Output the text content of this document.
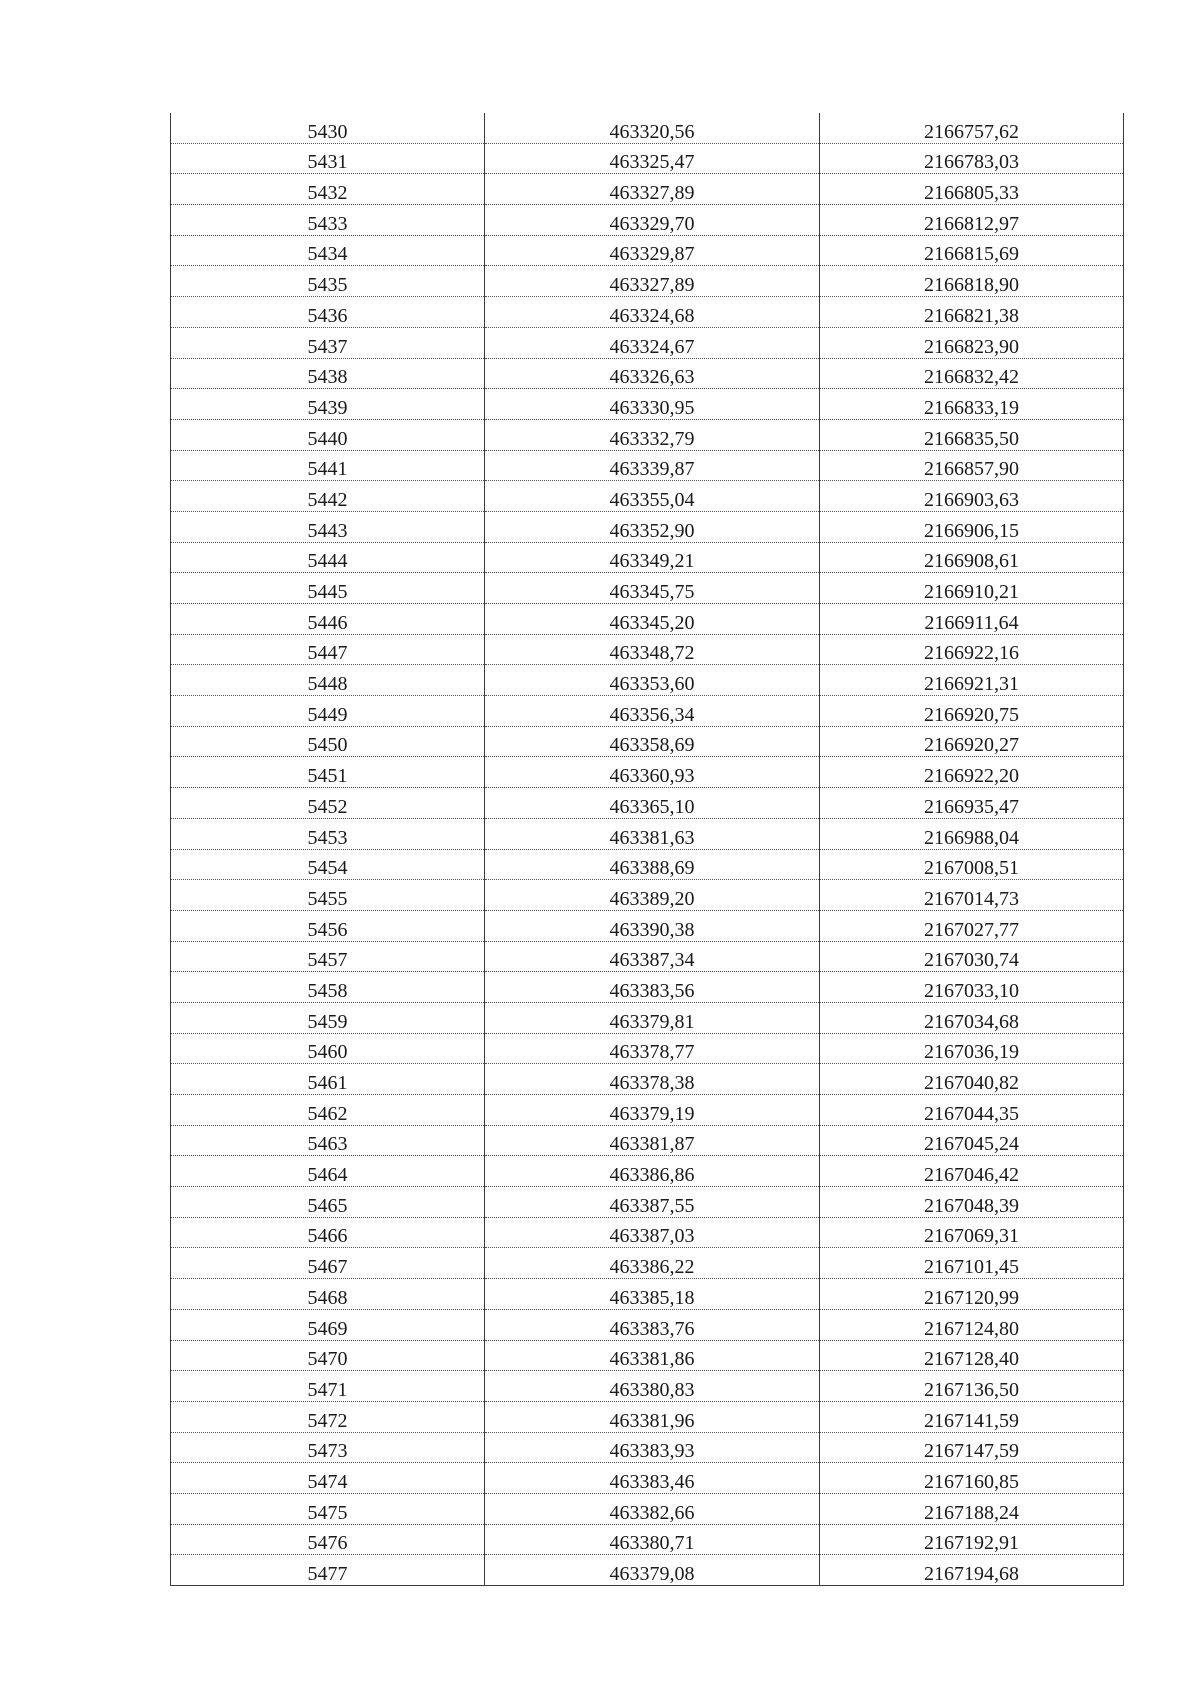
5430	463320,56	2166757,62
5431	463325,47	2166783,03
5432	463327,89	2166805,33
5433	463329,70	2166812,97
5434	463329,87	2166815,69
5435	463327,89	2166818,90
5436	463324,68	2166821,38
5437	463324,67	2166823,90
5438	463326,63	2166832,42
5439	463330,95	2166833,19
5440	463332,79	2166835,50
5441	463339,87	2166857,90
5442	463355,04	2166903,63
5443	463352,90	2166906,15
5444	463349,21	2166908,61
5445	463345,75	2166910,21
5446	463345,20	2166911,64
5447	463348,72	2166922,16
5448	463353,60	2166921,31
5449	463356,34	2166920,75
5450	463358,69	2166920,27
5451	463360,93	2166922,20
5452	463365,10	2166935,47
5453	463381,63	2166988,04
5454	463388,69	2167008,51
5455	463389,20	2167014,73
5456	463390,38	2167027,77
5457	463387,34	2167030,74
5458	463383,56	2167033,10
5459	463379,81	2167034,68
5460	463378,77	2167036,19
5461	463378,38	2167040,82
5462	463379,19	2167044,35
5463	463381,87	2167045,24
5464	463386,86	2167046,42
5465	463387,55	2167048,39
5466	463387,03	2167069,31
5467	463386,22	2167101,45
5468	463385,18	2167120,99
5469	463383,76	2167124,80
5470	463381,86	2167128,40
5471	463380,83	2167136,50
5472	463381,96	2167141,59
5473	463383,93	2167147,59
5474	463383,46	2167160,85
5475	463382,66	2167188,24
5476	463380,71	2167192,91
5477	463379,08	2167194,68
